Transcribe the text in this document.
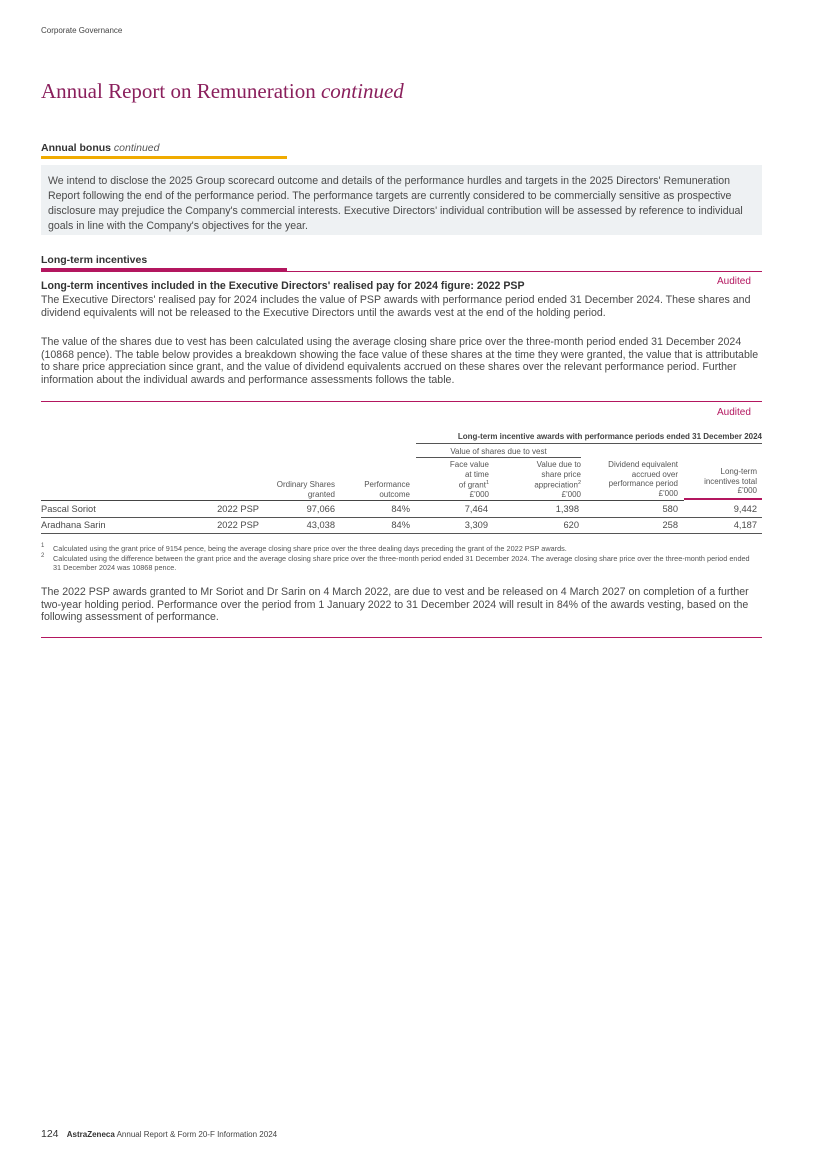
Corporate Governance
Annual Report on Remuneration continued
Annual bonus continued
We intend to disclose the 2025 Group scorecard outcome and details of the performance hurdles and targets in the 2025 Directors' Remuneration Report following the end of the performance period. The performance targets are currently considered to be commercially sensitive as prospective disclosure may prejudice the Company's commercial interests. Executive Directors' individual contribution will be assessed by reference to individual goals in line with the Company's objectives for the year.
Long-term incentives
Audited
Long-term incentives included in the Executive Directors' realised pay for 2024 figure: 2022 PSP
The Executive Directors' realised pay for 2024 includes the value of PSP awards with performance period ended 31 December 2024. These shares and dividend equivalents will not be released to the Executive Directors until the awards vest at the end of the holding period.
The value of the shares due to vest has been calculated using the average closing share price over the three-month period ended 31 December 2024 (10868 pence). The table below provides a breakdown showing the face value of these shares at the time they were granted, the value that is attributable to share price appreciation since grant, and the value of dividend equivalents accrued on these shares over the relevant performance period. Further information about the individual awards and performance assessments follows the table.
Audited
Long-term incentive awards with performance periods ended 31 December 2024
Value of shares due to vest
Ordinary Shares
granted
Performance
outcome
Face value
at time
of grant$^1$
£'000
Value due to
share price
appreciation$^2$
£'000
Dividend equivalent
accrued over
performance period
£'000
Long-term
incentives total
£'000
Pascal Soriot	2022 PSP	97,066	84%	7,464	1,398	580	9,442
Aradhana Sarin	2022 PSP	43,038	84%	3,309	620	258	4,187
1	Calculated using the grant price of 9154 pence, being the average closing share price over the three dealing days preceding the grant of the 2022 PSP awards.
2	Calculated using the difference between the grant price and the average closing share price over the three-month period ended 31 December 2024. The average closing share price over the three-month period ended 31 December 2024 was 10868 pence.
The 2022 PSP awards granted to Mr Soriot and Dr Sarin on 4 March 2022, are due to vest and be released on 4 March 2027 on completion of a further two-year holding period. Performance over the period from 1 January 2022 to 31 December 2024 will result in 84% of the awards vesting, based on the following assessment of performance.
124 AstraZeneca Annual Report & Form 20-F Information 2024
